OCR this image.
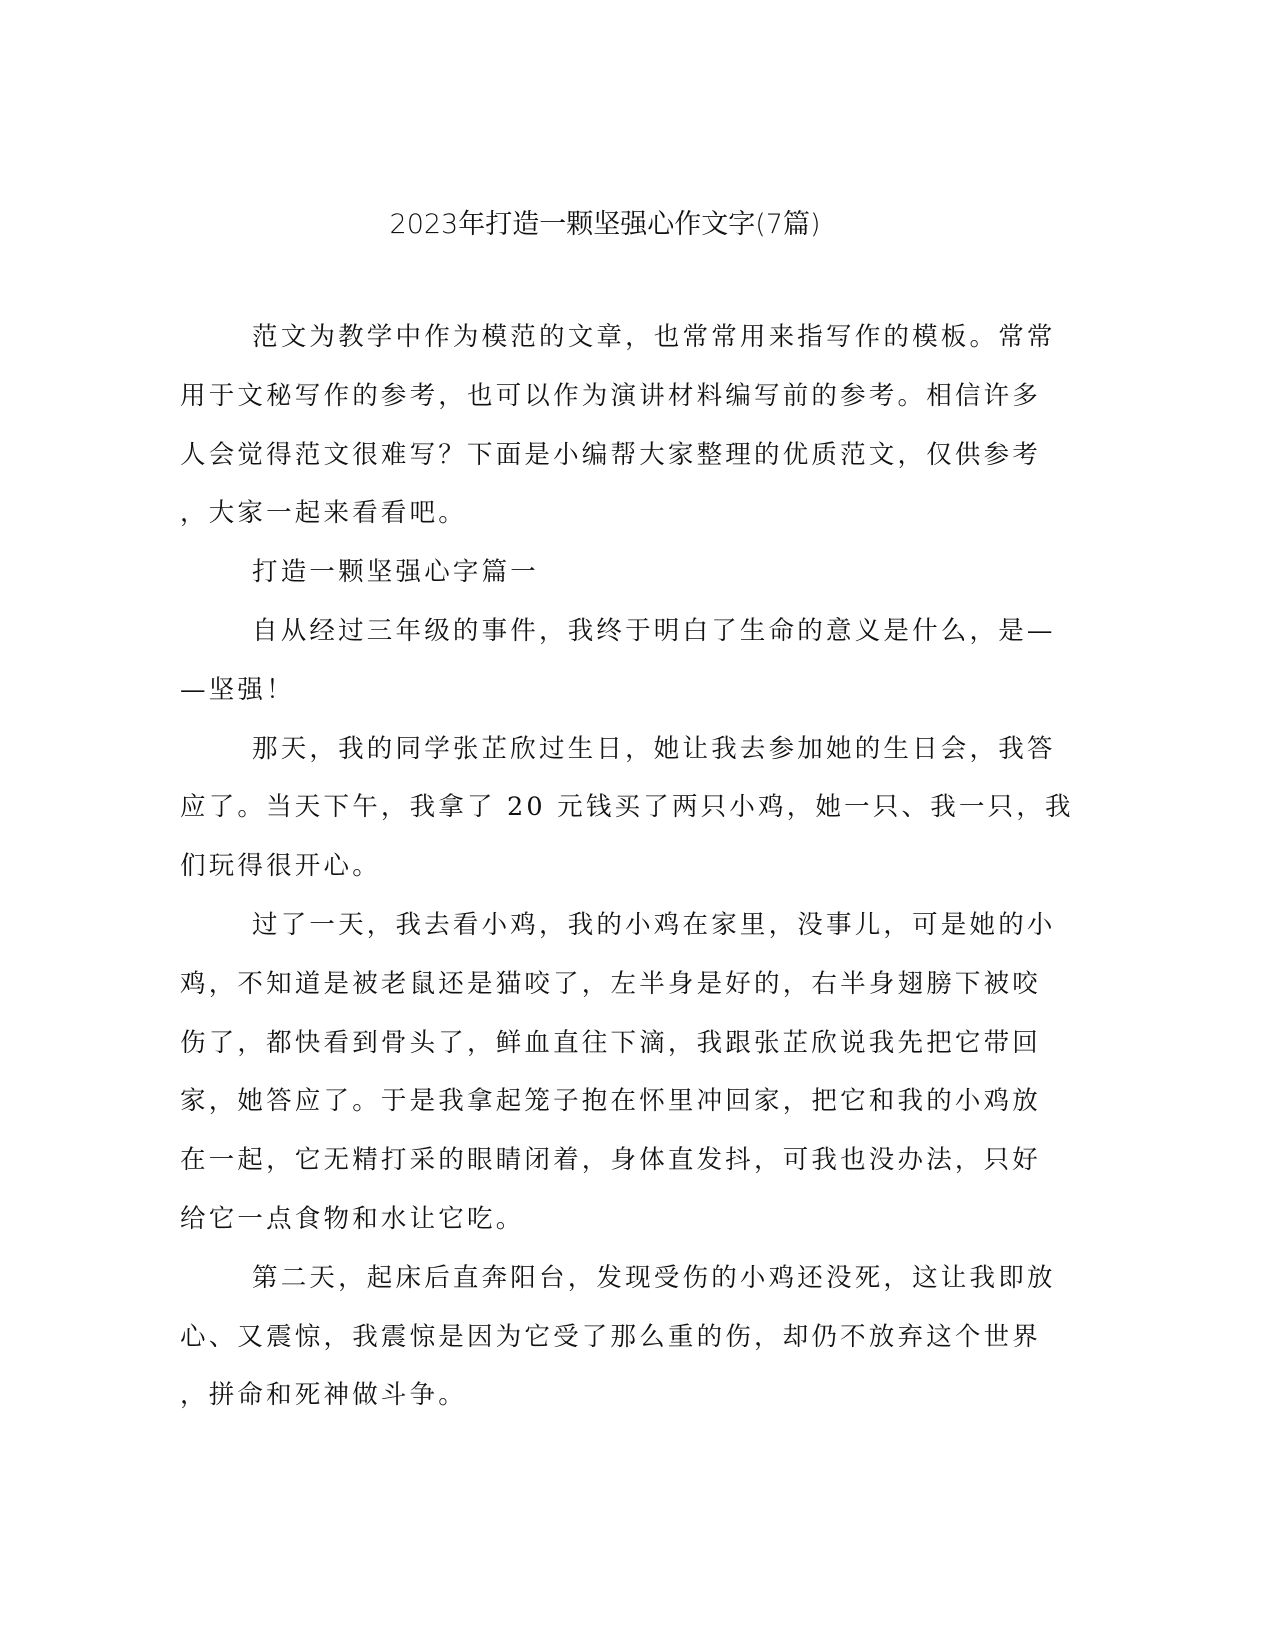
2023年打造一颗坚强心作文字(7篇)
范文为教学中作为模范的文章，也常常用来指写作的模板。常常
用于文秘写作的参考，也可以作为演讲材料编写前的参考。相信许多
人会觉得范文很难写？下面是小编帮大家整理的优质范文，仅供参考
，大家一起来看看吧。
打造一颗坚强心字篇一
自从经过三年级的事件，我终于明白了生命的意义是什么，是—
—坚强！
那天，我的同学张芷欣过生日，她让我去参加她的生日会，我答
应了。当天下午，我拿了 20 元钱买了两只小鸡，她一只、我一只，我
们玩得很开心。
过了一天，我去看小鸡，我的小鸡在家里，没事儿，可是她的小
鸡，不知道是被老鼠还是猫咬了，左半身是好的，右半身翅膀下被咬
伤了，都快看到骨头了，鲜血直往下滴，我跟张芷欣说我先把它带回
家，她答应了。于是我拿起笼子抱在怀里冲回家，把它和我的小鸡放
在一起，它无精打采的眼睛闭着，身体直发抖，可我也没办法，只好
给它一点食物和水让它吃。
第二天，起床后直奔阳台，发现受伤的小鸡还没死，这让我即放
心、又震惊，我震惊是因为它受了那么重的伤，却仍不放弃这个世界
，拼命和死神做斗争。
